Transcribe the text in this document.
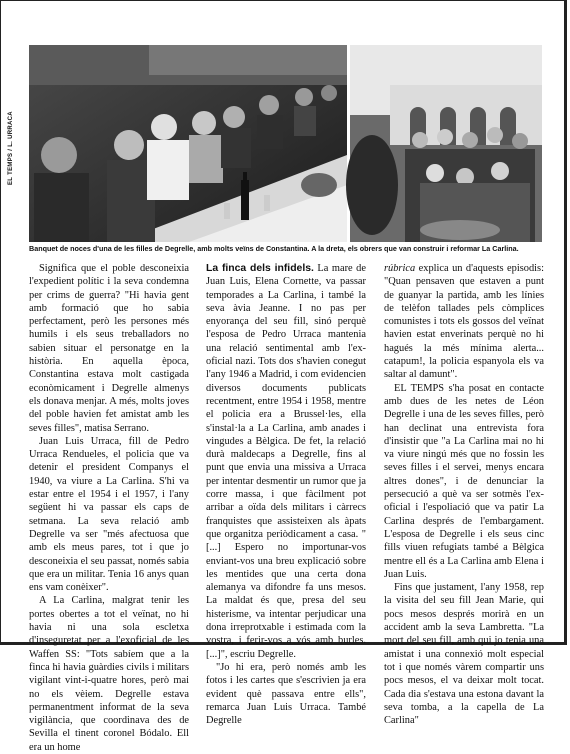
EL TEMPS / L. URRACA
Banquet de noces d'una de les filles de Degrelle, amb molts veïns de Constantina. A la dreta, els obrers que van construir i reformar La Carlina.

Significa que el poble desconeixia l'expedient polític i la seva condemna per crims de guerra? "Hi havia gent amb formació que ho sabia perfectament, però les persones més humils i els seus treballadors no sabien situar el personatge en la història. En aquella època, Constantina estava molt castigada econòmicament i Degrelle almenys els donava menjar. A més, molts joves del poble havien fet amistat amb les seves filles", matisa Serrano.

Juan Luis Urraca, fill de Pedro Urraca Rendueles, el policia que va detenir el president Companys el 1940, va viure a La Carlina. S'hi va estar entre el 1954 i el 1957, i l'any següent hi va passar els caps de setmana. La seva relació amb Degrelle va ser "més afectuosa que amb els meus pares, tot i que jo desconeixia el seu passat, només sabia que era un militar. Tenia 16 anys quan ens vam conèixer".

A La Carlina, malgrat tenir les portes obertes a tot el veïnat, no hi havia ni una sola escletxa d'inseguretat per a l'exoficial de les Waffen SS: "Tots sabíem que a la finca hi havia guàrdies civils i militars vigilant vint-i-quatre hores, però mai no els vèiem. Degrelle estava permanentment informat de la seva vigilància, que coordinava des de Sevilla el tinent coronel Bódalo. Ell era un home

La finca dels infidels. La mare de Juan Luis, Elena Cornette, va passar temporades a La Carlina, i també la seva àvia Jeanne. I no pas per enyorança del seu fill, sinó perquè l'esposa de Pedro Urraca mantenia una relació sentimental amb l'ex-oficial nazi. Tots dos s'havien conegut l'any 1946 a Madrid, i com evidencien diversos documents publicats recentment, entre 1954 i 1958, mentre el policia era a Brussel·les, ella s'instal·la a La Carlina, amb anades i vingudes a Bèlgica. De fet, la relació durà maldecaps a Degrelle, fins al punt que envia una missiva a Urraca per intentar desmentir un rumor que ja corre massa, i que fàcilment pot arribar a oïda dels militars i càrrecs franquistes que assisteixen als àpats que organitza periòdicament a casa. "[...] Espero no importunar-vos enviant-vos una breu explicació sobre les mentides que una certa dona alemanya va difondre fa uns mesos. La maldat és que, presa del seu histerisme, va intentar perjudicar una dona irreprotxable i estimada com la vostra, i ferir-vos a vós amb burles. [...]", escriu Degrelle.

"Jo hi era, però només amb les fotos i les cartes que s'escrivien ja era evident què passava entre ells", remarca Juan Luis Urraca. També Degrelle

rúbrica explica un d'aquests episodis: "Quan pensaven que estaven a punt de guanyar la partida, amb les línies de telèfon tallades pels còmplices comunistes i tots els gossos del veïnat havien estat enverinats perquè no hi hagués la més mínima alerta... catapum!, la policia espanyola els va saltar al damunt".

EL TEMPS s'ha posat en contacte amb dues de les netes de Léon Degrelle i una de les seves filles, però han declinat una entrevista fora d'insistir que "a La Carlina mai no hi va viure ningú més que no fossin les seves filles i el servei, menys encara altres dones", i de denunciar la persecució a què va ser sotmès l'ex-oficial i l'espoliació que va patir La Carlina després de l'embargament. L'esposa de Degrelle i els seus cinc fills viuen refugiats també a Bèlgica mentre ell és a La Carlina amb Elena i Juan Luis.

Fins que justament, l'any 1958, rep la visita del seu fill Jean Marie, qui pocs mesos després morirà en un accident amb la seva Lambretta. "La mort del seu fill, amb qui jo tenia una amistat i una connexió molt especial tot i que només vàrem compartir uns pocs mesos, el va deixar molt tocat. Cada dia s'estava una estona davant la seva tomba, a la capella de La Carlina"
